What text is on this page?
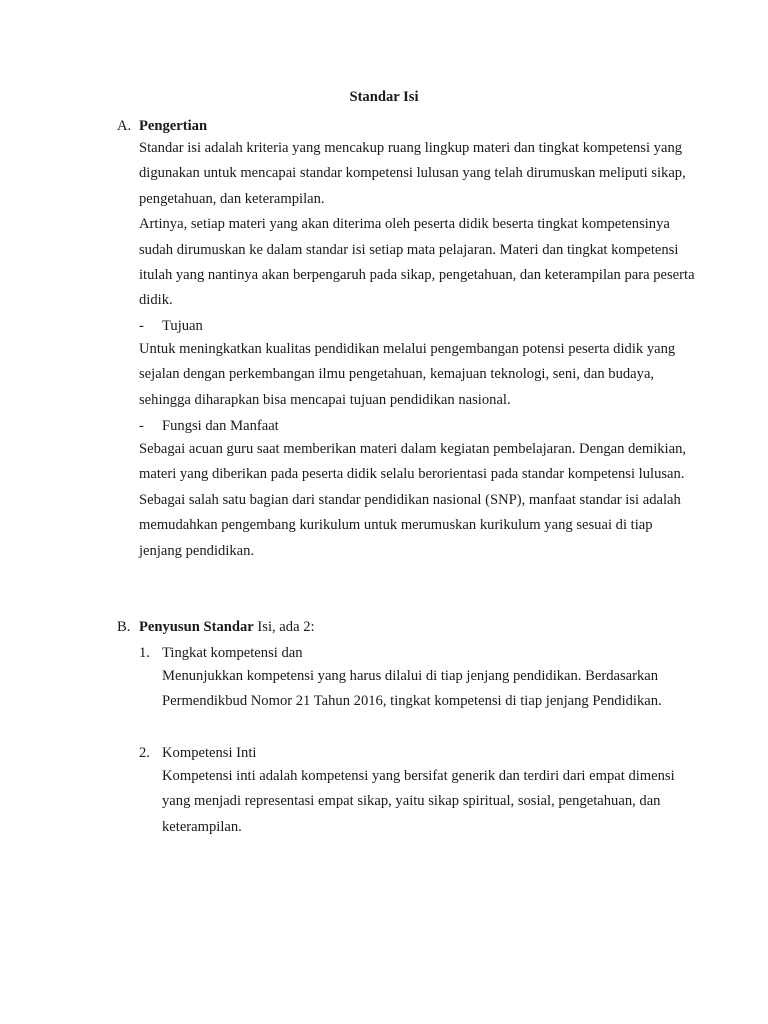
Standar Isi
A. Pengertian

Standar isi adalah kriteria yang mencakup ruang lingkup materi dan tingkat kompetensi yang digunakan untuk mencapai standar kompetensi lulusan yang telah dirumuskan meliputi sikap, pengetahuan, dan keterampilan.

Artinya, setiap materi yang akan diterima oleh peserta didik beserta tingkat kompetensinya sudah dirumuskan ke dalam standar isi setiap mata pelajaran. Materi dan tingkat kompetensi itulah yang nantinya akan berpengaruh pada sikap, pengetahuan, dan keterampilan para peserta didik.

- Tujuan

Untuk meningkatkan kualitas pendidikan melalui pengembangan potensi peserta didik yang sejalan dengan perkembangan ilmu pengetahuan, kemajuan teknologi, seni, dan budaya, sehingga diharapkan bisa mencapai tujuan pendidikan nasional.

- Fungsi dan Manfaat

Sebagai acuan guru saat memberikan materi dalam kegiatan pembelajaran. Dengan demikian, materi yang diberikan pada peserta didik selalu berorientasi pada standar kompetensi lulusan.

Sebagai salah satu bagian dari standar pendidikan nasional (SNP), manfaat standar isi adalah memudahkan pengembang kurikulum untuk merumuskan kurikulum yang sesuai di tiap jenjang pendidikan.

B. Penyusun Standar Isi, ada 2:
1. Tingkat kompetensi dan

Menunjukkan kompetensi yang harus dilalui di tiap jenjang pendidikan. Berdasarkan Permendikbud Nomor 21 Tahun 2016, tingkat kompetensi di tiap jenjang Pendidikan.

2. Kompetensi Inti

Kompetensi inti adalah kompetensi yang bersifat generik dan terdiri dari empat dimensi yang menjadi representasi empat sikap, yaitu sikap spiritual, sosial, pengetahuan, dan keterampilan.
